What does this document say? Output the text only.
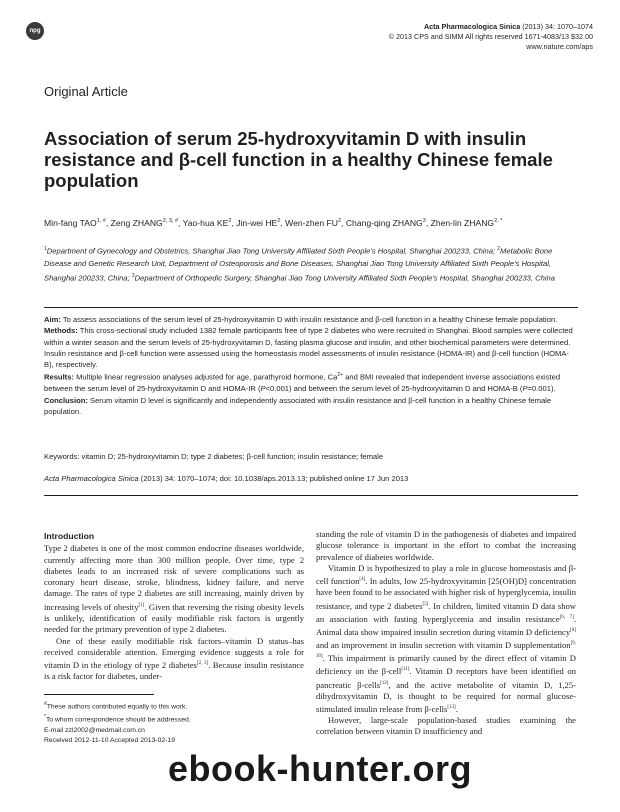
npg	Acta Pharmacologica Sinica (2013) 34: 1070–1074
© 2013 CPS and SIMM All rights reserved 1671-4083/13 $32.00
www.nature.com/aps
Original Article
Association of serum 25-hydroxyvitamin D with insulin resistance and β-cell function in a healthy Chinese female population
Min-fang $TAO^{1, \#}$, Zeng $ZHANG^{2, 3, \#}$, Yao-hua $KE^2$, Jin-wei $HE^2$, Wen-zhen $FU^2$, Chang-qing ZHANG$^3$, Zhen-lin $ZHANG^{2, *}$
$^1$Department of Gynecology and Obstetrics, Shanghai Jiao Tong University Affiliated Sixth People's Hospital, Shanghai 200233, China; $^2$Metabolic Bone Disease and Genetic Research Unit, Department of Osteoporosis and Bone Diseases, Shanghai Jiao Tong University Affiliated Sixth People's Hospital, Shanghai 200233, China; $^3$Department of Orthopedic Surgery, Shanghai Jiao Tong University Affiliated Sixth People's Hospital, Shanghai 200233, China
Aim: To assess associations of the serum level of 25-hydroxyvitamin D with insulin resistance and β-cell function in a healthy Chinese female population.
Methods: This cross-sectional study included 1382 female participants free of type 2 diabetes who were recruited in Shanghai. Blood samples were collected within a winter season and the serum levels of 25-hydroxyvitamin D, fasting plasma glucose and insulin, and other biochemical parameters were determined. Insulin resistance and β-cell function were assessed using the homeostasis model assessments of insulin resistance (HOMA-IR) and β-cell function (HOMA-B), respectively.
Results: Multiple linear regression analyses adjusted for age, parathyroid hormone, $Ca^{2+}$ and BMI revealed that independent inverse associations existed between the serum level of 25-hydroxyvitamin D and HOMA-IR (P<0.001) and between the serum level of 25-hydroxyvitamin D and HOMA-B (P=0.001).
Conclusion: Serum vitamin D level is significantly and independently associated with insulin resistance and β-cell function in a healthy Chinese female population.
Keywords: vitamin D; 25-hydroxyvitamin D; type 2 diabetes; β-cell function; insulin resistance; female
Acta Pharmacologica Sinica (2013) 34: 1070–1074; doi: 10.1038/aps.2013.13; published online 17 Jun 2013
Introduction

Type 2 diabetes is one of the most common endocrine diseases worldwide, currently affecting more than 300 million people. Over time, type 2 diabetes leads to an increased risk of severe complications such as coronary heart disease, stroke, blindness, kidney failure, and nerve damage. The rates of type 2 diabetes are still increasing, mainly driven by increasing levels of obesity[1]. Given that reversing the rising obesity levels is unlikely, identification of easily modifiable risk factors is urgently needed for the primary prevention of type 2 diabetes.

One of these easily modifiable risk factors–vitamin D status–has received considerable attention. Emerging evidence suggests a role for vitamin D in the etiology of type 2 diabetes[2, 3]. Because insulin resistance is a risk factor for diabetes, under-

standing the role of vitamin D in the pathogenesis of diabetes and impaired glucose tolerance is important in the effort to combat the increasing prevalence of diabetes worldwide.

Vitamin D is hypothesized to play a role in glucose homeostasis and β-cell function[4]. In adults, low 25-hydroxyvitamin [25(OH)D] concentration have been found to be associated with higher risk of hyperglycemia, insulin resistance, and type 2 diabetes[5]. In children, limited vitamin D data show an association with fasting hyperglycemia and insulin resistance[6, 7]. Animal data show impaired insulin secretion during vitamin D deficiency[8] and an improvement in insulin secretion with vitamin D supplementation[9, 10]. This impairment is primarily caused by the direct effect of vitamin D deficiency on the β-cell[11]. Vitamin D receptors have been identified on pancreatic β-cells[12], and the active metabolite of vitamin D, 1,25-dihydroxyvitamin D, is thought to be required for normal glucose-stimulated insulin release from β-cells[13].

However, large-scale population-based studies examining the correlation between vitamin D insufficiency and

#These authors contributed equally to this work.
*To whom correspondence should be addressed.
E-mail zzl2002@medmail.com.cn
Received 2012-11-10 Accepted 2013-02-19
ebook-hunter.org
